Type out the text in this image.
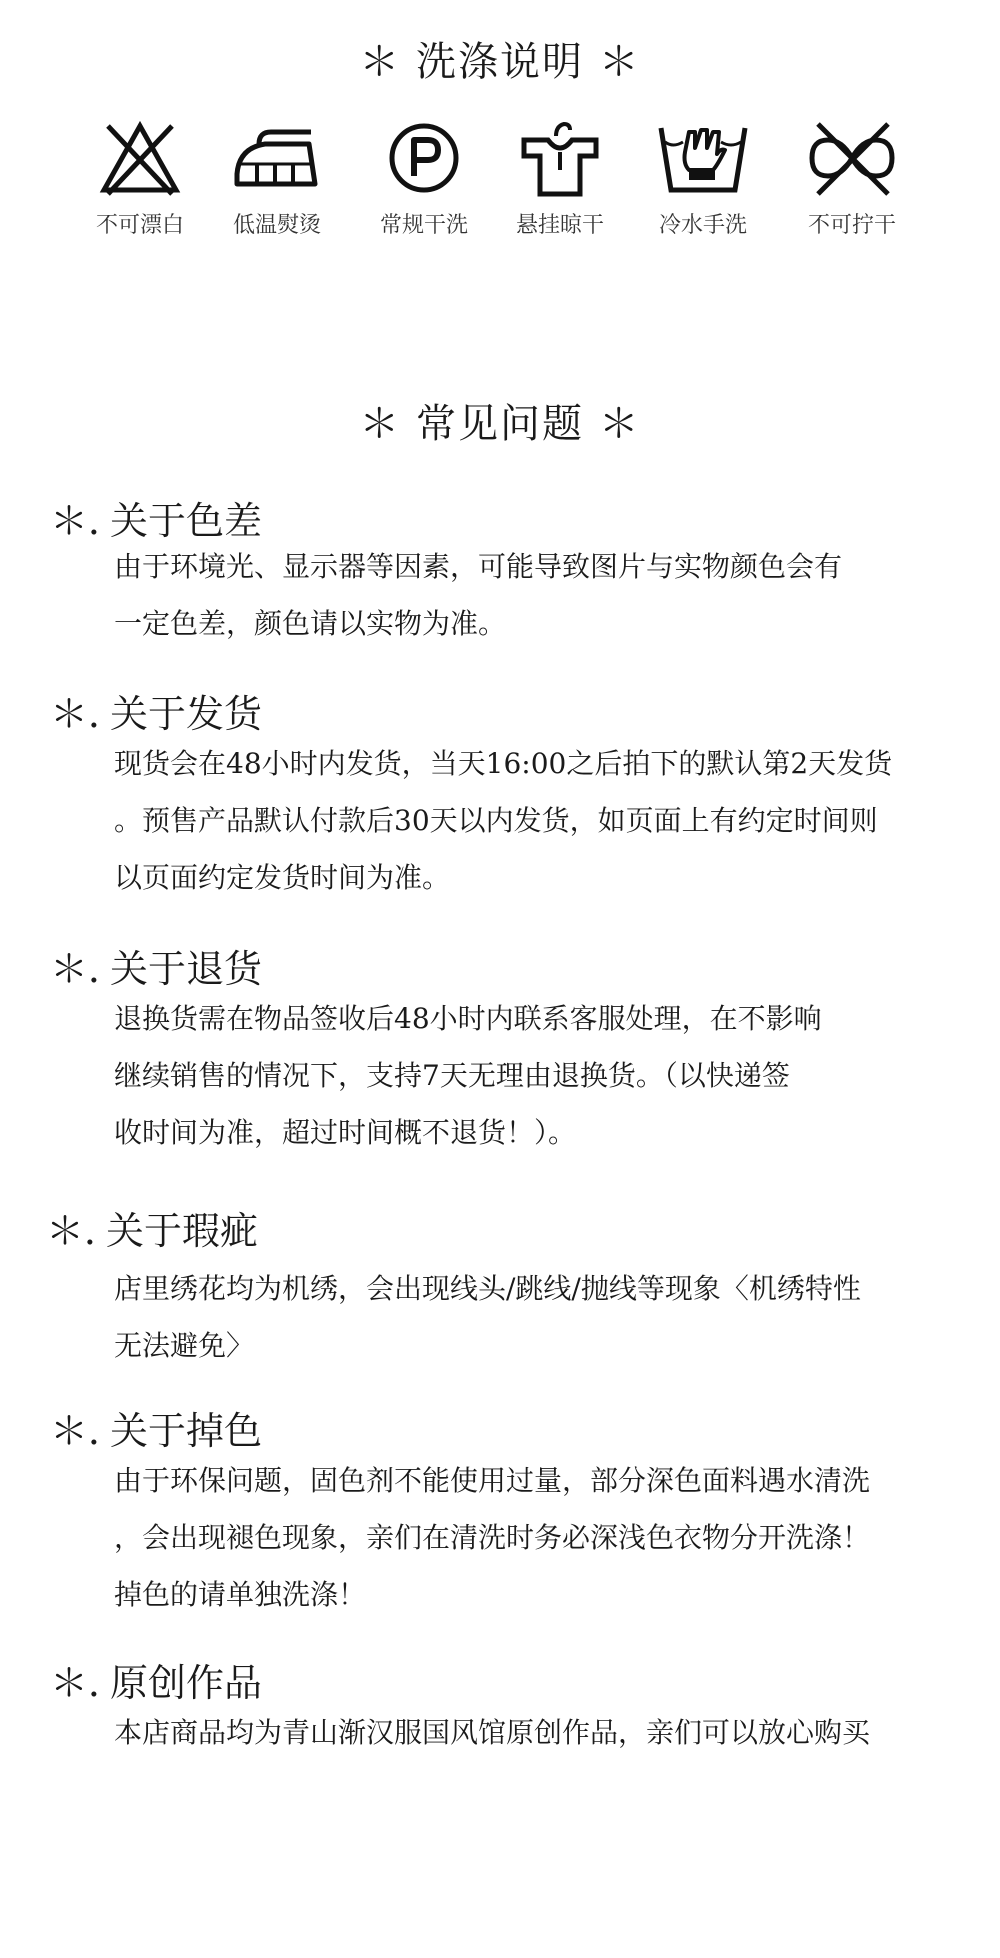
＊ 洗涤说明 ＊
不可漂白	低温熨烫	常规干洗	悬挂晾干	冷水手洗	不可拧干
＊ 常见问题 ＊
＊．关于色差
由于环境光、显示器等因素，可能导致图片与实物颜色会有
一定色差，颜色请以实物为准。
＊．关于发货
现货会在48小时内发货，当天16:00之后拍下的默认第2天发货
。预售产品默认付款后30天以内发货，如页面上有约定时间则
以页面约定发货时间为准。
＊．关于退货
退换货需在物品签收后48小时内联系客服处理，在不影响
继续销售的情况下，支持7天无理由退换货。（以快递签
收时间为准，超过时间概不退货！）。
＊．关于瑕疵
店里绣花均为机绣，会出现线头/跳线/抛线等现象〈机绣特性
无法避免〉
＊．关于掉色
由于环保问题，固色剂不能使用过量，部分深色面料遇水清洗
，会出现褪色现象，亲们在清洗时务必深浅色衣物分开洗涤！
掉色的请单独洗涤！
＊．原创作品
本店商品均为青山渐汉服国风馆原创作品，亲们可以放心购买
